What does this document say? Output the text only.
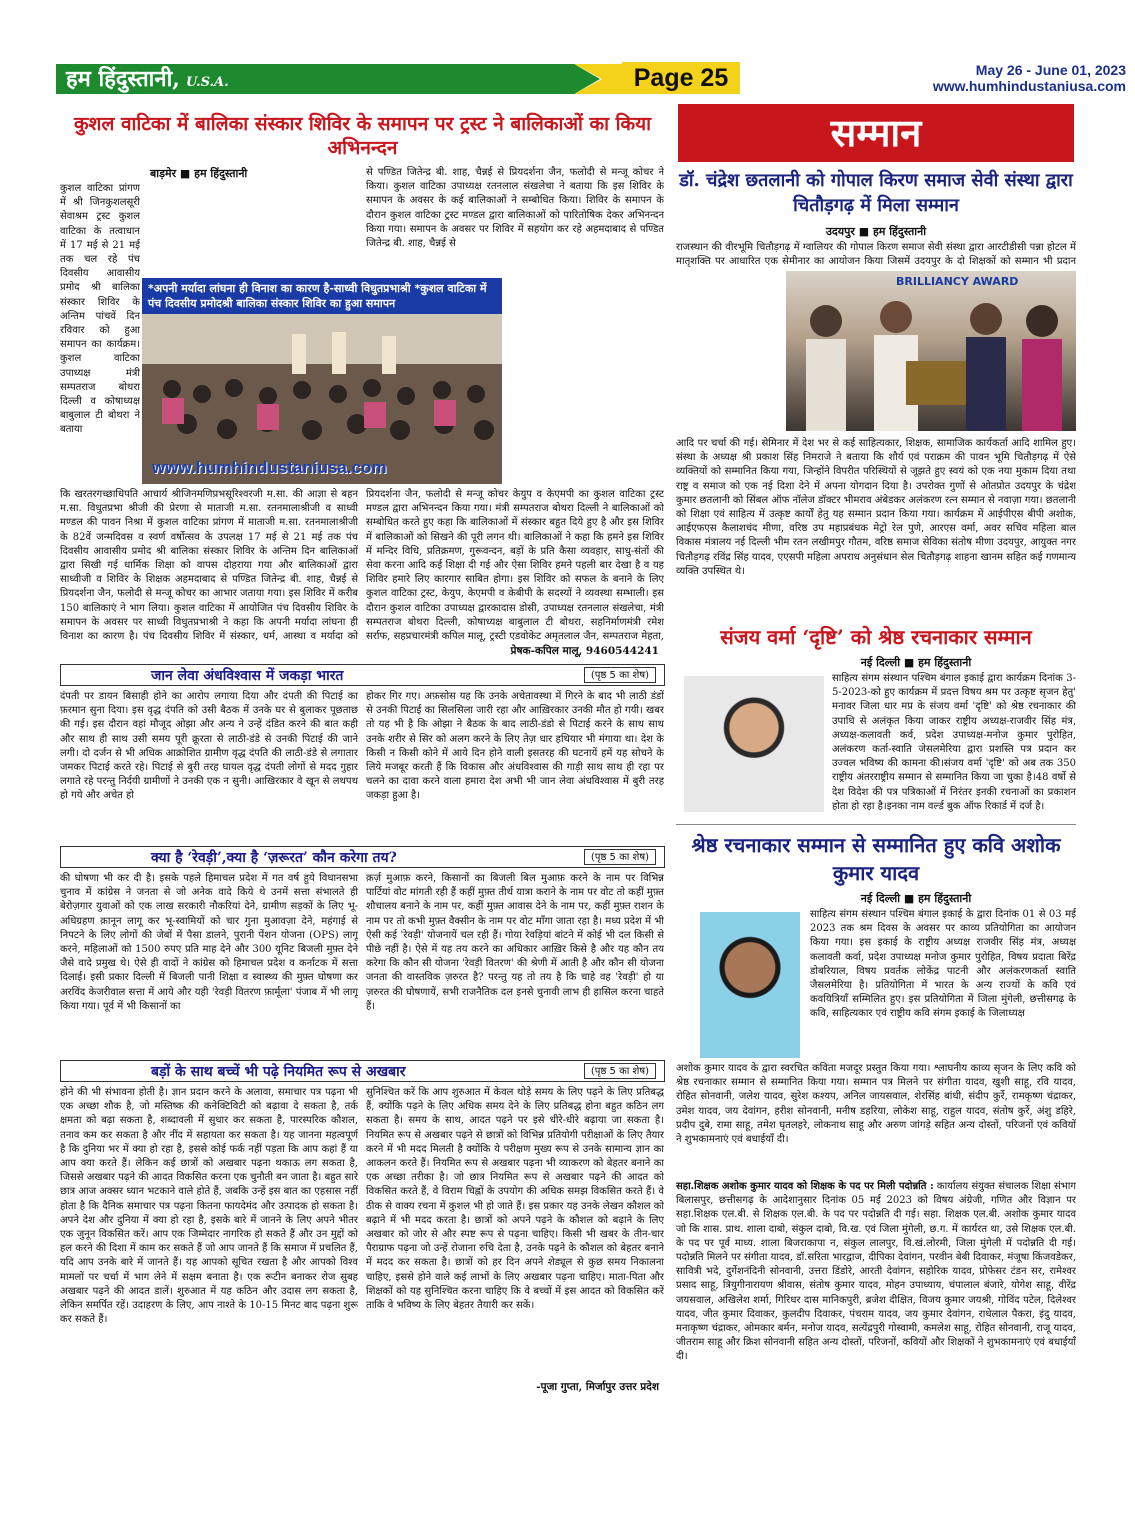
हम हिंदुस्तानी, U.S.A.	Page 25	May 26 - June 01, 2023
www.humhindustaniusa.com
कुशल वाटिका में बालिका संस्कार शिविर के समापन पर ट्रस्ट ने बालिकाओं का किया अभिनन्दन
बाड़मेर ■ हम हिंदुस्तानी
कुशल वाटिका प्रांगण में श्री जिनकुशलसूरी सेवाश्रम ट्रस्ट कुशल वाटिका के तत्वाधान में 17 मई से 21 मई तक चल रहे पंच दिवसीय आवासीय प्रमोद श्री बालिका संस्कार शिविर के अन्तिम पांचवें दिन रविवार को हुआ समापन का कार्यक्रम। कुशल वाटिका उपाध्यक्ष मंत्री सम्पतराज बोथरा दिल्ली व कोषाध्यक्ष बाबुलाल टी बोथरा ने बताया
*अपनी मर्यादा लांघना ही विनाश का कारण है-साध्वी विधुतप्रभाश्री *कुशल वाटिका में पंच दिवसीय प्रमोदश्री बालिका संस्कार शिविर का हुआ समापन
www.humhindustaniusa.com
कि खरतरगच्छाधिपति आचार्य श्रीजिनमणिप्रभसूरिश्वरजी म.सा. की आज्ञा से बहन म.सा. विधुतप्रभा श्रीजी की प्रेरणा से माताजी म.सा. रतनमालाश्रीजी व साध्वी मण्डल की पावन निश्रा में कुशल वाटिका प्रांगण में माताजी म.सा. रतनमालाश्रीजी के 82वें जन्मदिवस व स्वर्ण वर्षोत्सव के उपलक्ष 17 मई से 21 मई तक पंच दिवसीय आवासीय प्रमोद श्री बालिका संस्कार शिविर के अन्तिम दिन बालिकाओं द्वारा सिखी गई धार्मिक शिक्षा को वापस दोहराया गया और बालिकाओं द्वारा साध्वीजी व शिविर के शिक्षक अहमदाबाद से पण्डित जितेन्द्र बी. शाह, चैन्नई से प्रियदर्शना जैन, फलोदी से मन्जू कोचर का आभार जताया गया। इस शिविर में करीब 150 बालिकाएं ने भाग लिया। कुशल वाटिका में आयोजित पंच दिवसीय शिविर के समापन के अवसर पर साध्वी विधुतप्रभाश्री ने कहा कि अपनी मर्यादा लांघना ही विनाश का कारण है। पंच दिवसीय शिविर में संस्कार, धर्म, आस्था व मर्यादा को
से पण्डित जितेन्द्र बी. शाह, चैन्नई से प्रियदर्शना जैन, फलोदी से मन्जू कोचर ने किया। कुशल वाटिका उपाध्यक्ष रतनलाल संखलेचा ने बताया कि इस शिविर के समापन के अवसर के कई बालिकाओं ने सम्बोधित किया। शिविर के समापन के दौरान कुशल वाटिका ट्रस्ट मण्डल द्वारा बालिकाओं को पारितोषिक देकर अभिनन्दन किया गया। समापन के अवसर पर शिविर में सहयोग कर रहे अहमदाबाद से पण्डित जितेन्द्र बी. शाह, चैन्नई से
प्रियदर्शना जैन, फलोदी से मन्जू कोचर केयुप व केएमपी का कुशल वाटिका ट्रस्ट मण्डल द्वारा अभिनन्दन किया गया। मंत्री सम्पतराज बोथरा दिल्ली ने बालिकाओं को सम्बोधित करते हुए कहा कि बालिकाओं में संस्कार बहुत दिये हुए है और इस शिविर में बालिकाओं को सिखने की पूरी लगन थी। बालिकाओं ने कहा कि हमने इस शिविर में मन्दिर विधि, प्रतिक्रमण, गुरूवन्दन, बड़ों के प्रति कैसा व्यवहार, साधु-संतों की सेवा करना आदि कई शिक्षा दी गई और ऐसा शिविर हमने पहली बार देखा है व यह शिविर हमारे लिए कारगार साबित होगा। इस शिविर को सफल के बनाने के लिए कुशल वाटिका ट्रस्ट, केयुप, केएमपी व केबीपी के सदस्यों ने व्यवस्था सम्भाली। इस दौरान कुशल वाटिका उपाध्यक्ष द्वारकादास डोसी, उपाध्यक्ष रतनलाल संखलेचा, मंत्री सम्पतराज बोथरा दिल्ली, कोषाध्यक्ष बाबुलाल टी बोथरा, सहनिर्माणमंत्री रमेश सर्राफ, सहप्रचारमंत्री कपिल मालू, ट्रस्टी एडवोकेट अमृतलाल जैन, सम्पतराज मेहता,
प्रेषक-कपिल मालू, 9460544241
जान लेवा अंधविश्वास में जकड़ा भारत	(पृष्ठ 5 का शेष)
दंपती पर डायन बिसाही होने का आरोप लगाया दिया और दंपती की पिटाई का फ़रमान सुना दिया। इस वृद्ध दंपति को उसी बैठक में उनके घर से बुलाकर पूछताछ की गई। इस दौरान वहां मौजूद ओझा और अन्य ने उन्हें दंडित करने की बात कही और साथ ही साथ उसी समय पूरी क्रूरता से लाठी-डंडे से उनकी पिटाई की जाने लगी। दो दर्जन से भी अधिक आक्रोशित ग्रामीण वृद्ध दंपति की लाठी-डंडे से लगातार जमकर पिटाई करते रहे। पिटाई से बुरी तरह घायल वृद्ध दंपती लोगों से मदद गुहार लगाते रहे परन्तु निर्दयी ग्रामीणों ने उनकी एक न सुनी। आखिरकार वे खून से लथपथ हो गये और अचेत हो
होकर गिर गए। अफ़सोस यह कि उनके अचेतावस्था में गिरने के बाद भी लाठी डंडों से उनकी पिटाई का सिलसिला जारी रहा और आख़िरकार उनकी मौत हो गयी। खबर तो यह भी है कि ओझा ने बैठक के बाद लाठी-डंडो से पिटाई करने के साथ साथ उनके शरीर से सिर को अलग करने के लिए तेज़ धार हथियार भी मंगाया था। देश के किसी न किसी कोने में आये दिन होने वाली इसतरह की घटनायें हमें यह सोचने के लिये मजबूर करती हैं कि विकास और अंधविश्वास की गाड़ी साथ साथ ही रहा पर चलने का दावा करने वाला हमारा देश अभी भी जान लेवा अंधविश्वास में बुरी तरह जकड़ा हुआ है।
क्या है ‘रेवड़ी’,क्या है ‘ज़रूरत’ कौन करेगा तय?	(पृष्ठ 5 का शेष)
की घोषणा भी कर दी है। इसके पहले हिमाचल प्रदेश में गत वर्ष हुये विधानसभा चुनाव में कांग्रेस ने जनता से जो अनेक वादे किये थे उनमें सत्ता संभालते ही बेरोज़गार युवाओं को एक लाख सरकारी नौकरियां देने, ग्रामीण सड़कों के लिए भू-अधिग्रहण क़ानून लागू कर भू-स्वामियों को चार गुना मुआवज़ा देने, महंगाई से निपटने के लिए लोगों की जेबों में पैसा डालने, पुरानी पेंशन योजना (OPS) लागू करने, महिलाओं को 1500 रुपए प्रति माह देने और 300 यूनिट बिजली मुफ़्त देने जैसे वादे प्रमुख थे। ऐसे ही वादों ने कांग्रेस को हिमाचल प्रदेश व कर्नाटक में सत्ता दिलाई। इसी प्रकार दिल्ली में बिजली पानी शिक्षा व स्वास्थ्य की मुफ़्त घोषणा कर अरविंद केजरीवाल सत्ता में आये और यही 'रेवड़ी वितरण फ़ार्मूला' पंजाब में भी लागू किया गया। पूर्व में भी किसानों का
क़र्ज़ मुआफ़ करने, किसानों का बिजली बिल मुआफ़ करने के नाम पर विभिन्न पार्टियां वोट मांगती रही हैं कहीं मुफ़्त तीर्थ यात्रा कराने के नाम पर वोट तो कहीं मुफ़्त शौचालय बनाने के नाम पर, कहीं मुफ़्त आवास देने के नाम पर, कहीं मुफ़्त राशन के नाम पर तो कभी मुफ़्त वैक्सीन के नाम पर वोट माँगा जाता रहा है। मध्य प्रदेश में भी ऐसी कई 'रेवड़ी' योजनायें चल रही हैं। गोया रेवड़ियां बांटने में कोई भी दल किसी से पीछे नहीं है। ऐसे में यह तय करने का अधिकार आख़िर किसे है और यह कौन तय करेगा कि कौन सी योजना 'रेवड़ी वितरण' की श्रेणी में आती है और कौन सी योजना जनता की वास्तविक ज़रुरत है? परन्तु यह तो तय है कि चाहे वह 'रेवड़ी' हो या ज़रुरत की घोषणायें, सभी राजनैतिक दल इनसे चुनावी लाभ ही हासिल करना चाहते हैं।
बड़ों के साथ बच्चें भी पढ़े नियमित रूप से अखबार	(पृष्ठ 5 का शेष)
होने की भी संभावना होती है। ज्ञान प्रदान करने के अलावा, समाचार पत्र पढ़ना भी एक अच्छा शौक है, जो मस्तिष्क की कनेक्टिविटी को बढ़ावा दे सकता है, तर्क क्षमता को बढ़ा सकता है, शब्दावली में सुधार कर सकता है, पारस्परिक कौशल, तनाव कम कर सकता है और नींद में सहायता कर सकता है। यह जानना महत्वपूर्ण है कि दुनिया भर में क्या हो रहा है, इससे कोई फर्क नहीं पड़ता कि आप कहां हैं या आप क्या करते हैं। लेकिन कई छात्रों को अखबार पढ़ना थकाऊ लग सकता है, जिससे अखबार पढ़ने की आदत विकसित करना एक चुनौती बन जाता है। बहुत सारे छात्र आज अक्सर ध्यान भटकाने वाले होते हैं, जबकि उन्हें इस बात का एहसास नहीं होता है कि दैनिक समाचार पत्र पढ़ना कितना फायदेमंद और उत्पादक हो सकता है। अपने देश और दुनिया में क्या हो रहा है, इसके बारे में जानने के लिए अपने भीतर एक जुनून विकसित करें। आप एक जिम्मेदार नागरिक हो सकते हैं और उन मुद्दों को हल करने की दिशा में काम कर सकते हैं जो आप जानते हैं कि समाज में प्रचलित हैं, यदि आप उनके बारे में जानते हैं। यह आपको सूचित रखता है और आपको विश्व मामलों पर चर्चा में भाग लेने में सक्षम बनाता है। एक रूटीन बनाकर रोज सुबह अखबार पढ़ने की आदत डालें। शुरुआत में यह कठिन और उदास लग सकता है, लेकिन समर्पित रहें। उदाहरण के लिए, आप नाश्ते के 10-15 मिनट बाद पढ़ना शुरू कर सकते हैं।
सुनिश्चित करें कि आप शुरुआत में केवल थोड़े समय के लिए पढ़ने के लिए प्रतिबद्ध हैं, क्योंकि पढ़ने के लिए अधिक समय देने के लिए प्रतिबद्ध होना बहुत कठिन लग सकता है। समय के साथ, आदत पढ़ने पर इसे धीरे-धीरे बढ़ाया जा सकता है। नियमित रूप से अखबार पढ़ने से छात्रों को विभिन्न प्रतियोगी परीक्षाओं के लिए तैयार करने में भी मदद मिलती है क्योंकि ये परीक्षण मुख्य रूप से उनके सामान्य ज्ञान का आकलन करते हैं। नियमित रूप से अखबार पढ़ना भी व्याकरण को बेहतर बनाने का एक अच्छा तरीका है। जो छात्र नियमित रूप से अखबार पढ़ने की आदत को विकसित करते हैं, वे विराम चिह्नों के उपयोग की अधिक समझ विकसित करते हैं। वे ठीक से वाक्य रचना में कुशल भी हो जाते हैं। इस प्रकार यह उनके लेखन कौशल को बढ़ाने में भी मदद करता है। छात्रों को अपने पढ़ने के कौशल को बढ़ाने के लिए अखबार को जोर से और स्पष्ट रूप से पढ़ना चाहिए। किसी भी खबर के तीन-चार पैराग्राफ पढ़ना जो उन्हें रोजाना रुचि देता है, उनके पढ़ने के कौशल को बेहतर बनाने में मदद कर सकता है। छात्रों को हर दिन अपने शेड्यूल से कुछ समय निकालना चाहिए, इससे होने वाले कई लाभों के लिए अखबार पढ़ना चाहिए। माता-पिता और शिक्षकों को यह सुनिश्चित करना चाहिए कि वे बच्चों में इस आदत को विकसित करें ताकि वे भविष्य के लिए बेहतर तैयारी कर सकें।
-पूजा गुप्ता, मिर्जापुर उत्तर प्रदेश
सम्मान
डॉ. चंद्रेश छतलानी को गोपाल किरण समाज सेवी संस्था द्वारा चितौड़गढ़ में मिला सम्मान
उदयपुर ■ हम हिंदुस्तानी
राजस्थान की वीरभूमि चितौड़गढ़ में ग्वालियर की गोपाल किरण समाज सेवी संस्था द्वारा आरटीडीसी पन्ना होटल में मातृशक्ति पर आधारित एक सेमीनार का आयोजन किया जिसमें उदयपुर के दो शिक्षकों को सम्मान भी प्रदान
BRILLIANCY AWARD
आदि पर चर्चा की गई। सेमिनार में देश भर से कई साहित्यकार, शिक्षक, सामाजिक कार्यकर्ता आदि शामिल हुए। संस्था के अध्यक्ष श्री प्रकाश सिंह निमराजे ने बताया कि शौर्य एवं पराक्रम की पावन भूमि चितौड़गढ़ में ऐसे व्यक्तियों को सम्मानित किया गया, जिन्होंने विपरीत परिस्थियों से जूझते हुए स्वयं को एक नया मुकाम दिया तथा राष्ट्र व समाज को एक नई दिशा देने में अपना योगदान दिया है। उपरोक्त गुणों से ओतप्रोत उदयपुर के चंद्रेश कुमार छतलानी को सिंबल ऑफ नॉलेज डॉक्टर भीमराव अंबेडकर अलंकरण रत्न सम्मान से नवाज़ा गया। छतलानी को शिक्षा एवं साहित्य में उत्कृष्ट कार्यों हेतु यह सम्मान प्रदान किया गया। कार्यक्रम में आईपीएस बीपी अशोक, आईएफएस कैलाशचंद मीणा, वरिष्ठ उप महाप्रबंधक मेट्रो रेल पुणे, आरएस वर्मा, अवर सचिव महिला बाल विकास मंत्रालय नई दिल्ली भीम रतन लखीमपुर गौतम, वरिष्ठ समाज सेविका संतोष मीणा उदयपुर, आयुक्त नगर चितौड़गढ़ रविंद्र सिंह यादव, एएसपी महिला अपराध अनुसंधान सेल चितौड़गढ़ शाहना खानम सहित कई गणमान्य व्यक्ति उपस्थित थे।
संजय वर्मा ‘दृष्टि’ को श्रेष्ठ रचनाकार सम्मान
नई दिल्ली ■ हम हिंदुस्तानी
साहित्य संगम संस्थान पश्चिम बंगाल इकाई द्वारा कार्यक्रम दिनांक 3-5-2023-को हुए कार्यक्रम में प्रदत्त विषय श्रम पर उत्कृष्ट सृजन हेतु' मनावर जिला धार मप्र के संजय वर्मा 'दृष्टि' को श्रेष्ठ रचनाकार की उपाधि से अलंकृत किया जाकर राष्ट्रीय अध्यक्ष-राजवीर सिंह मंत्र, अध्यक्ष-कलावती कर्व, प्रदेश उपाध्यक्ष-मनोज कुमार पुरोहित, अलंकरण कर्ता-स्वाति जेसलमेरिया द्वारा प्रशस्ति पत्र प्रदान कर उज्वल भविष्य की कामना की।संजय वर्मा 'दृष्टि' को अब तक 350 राष्ट्रीय अंतरराष्ट्रीय सम्मान से सम्मानित किया जा चुका है।48 वर्षो से देश विदेश की पत्र पत्रिकाओं में निरंतर इनकी रचनाओं का प्रकाशन होता हो रहा है।इनका नाम वर्ल्ड बुक ऑफ रिकार्ड में दर्ज है।
श्रेष्ठ रचनाकार सम्मान से सम्मानित हुए कवि अशोक कुमार यादव
नई दिल्ली ■ हम हिंदुस्तानी
साहित्य संगम संस्थान पश्चिम बंगाल इकाई के द्वारा दिनांक 01 से 03 मई 2023 तक श्रम दिवस के अवसर पर काव्य प्रतियोगिता का आयोजन किया गया। इस इकाई के राष्ट्रीय अध्यक्ष राजवीर सिंह मंत्र, अध्यक्ष कलावती कर्वा, प्रदेश उपाध्यक्ष मनोज कुमार पुरोहित, विषय प्रदाता बिरेंद्र डोबरियाल, विषय प्रवर्तक लोकेंद्र पाटनी और अलंकरणकर्ता स्वाति जैसलमेरिया है। प्रतियोगिता में भारत के अन्य राज्यों के कवि एवं कवयित्रियाँ सम्मिलित हुए। इस प्रतियोगिता में जिला मुंगेली, छत्तीसगढ़ के कवि, साहित्यकार एवं राष्ट्रीय कवि संगम इकाई के जिलाध्यक्ष
अशोक कुमार यादव के द्वारा स्वरचित कविता मजदूर प्रस्तुत किया गया। श्लाघनीय काव्य सृजन के लिए कवि को श्रेष्ठ रचनाकार सम्मान से सम्मानित किया गया। सम्मान पत्र मिलने पर संगीता यादव, खुशी साहू, रवि यादव, रोहित सोनवानी, जलेश यादव, सुरेश कश्यप, अनिल जायसवाल, शेरसिंह बांधी, संदीप कुर्रे, रामकृष्ण चंद्राकर, उमेश यादव, जय देवांगन, हरीश सोनवानी, मनीष डहरिया, लोकेश साहू, राहुल यादव, संतोष कुर्रे, अंशु डहिरे, प्रदीप दुबे, रामा साहू, तमेश घृतलहरे, लोकनाथ साहू और अरुण जांगड़े सहित अन्य दोस्तों, परिजनों एवं कवियों ने शुभकामनाएं एवं बधाईयाँ दी।
सहा.शिक्षक अशोक कुमार यादव को शिक्षक के पद पर मिली पदोन्नति : कार्यालय संयुक्त संचालक शिक्षा संभाग बिलासपुर, छत्तीसगढ़ के आदेशानुसार दिनांक 05 मई 2023 को विषय अंग्रेजी, गणित और विज्ञान पर सहा.शिक्षक एल.बी. से शिक्षक एल.बी. के पद पर पदोन्नति दी गई। सहा. शिक्षक एल.बी. अशोक कुमार यादव जो कि शास. प्राथ. शाला दाबो, संकुल दाबो, वि.ख. एवं जिला मुंगेली, छ.ग. में कार्यरत था, उसे शिक्षक एल.बी. के पद पर पूर्व माध्य. शाला बिजराकापा न, संकुल लालपुर, वि.खं.लोरमी, जिला मुंगेली में पदोन्नति दी गई। पदोन्नति मिलने पर संगीता यादव, डॉ.सरिता भारद्वाज, दीपिका देवांगन, परवीन बेबी दिवाकर, मंजूषा किंजवडेकर, सावित्री भदे, दुर्गेशनंदिनी सोनवानी, उत्तरा डिंडोरे, आरती देवांगन, सहोरिक यादव, प्रोफेसर टंडन सर, रामेश्वर प्रसाद साहू, त्रियुगीनारायण श्रीवास, संतोष कुमार यादव, मोहन उपाध्याय, चंपालाल बंजारे, योगेश साहू, वीरेंद्र जयसवाल, अखिलेश शर्मा, गिरिधर दास मानिकपुरी, ब्रजेश दीक्षित, विजय कुमार जयश्री, गोविंद पटेल, दिलेश्वर यादव, जीत कुमार दिवाकर, कुलदीप दिवाकर, पंचराम यादव, जय कुमार देवांगन, राधेलाल पैकरा, इंदु यादव, मनाकृष्ण चंद्राकर, ओमकार बर्मन, मनोज यादव, सत्येंद्रपुरी गोस्वामी, कमलेश साहू, रोहित सोनवानी, राजू यादव, जीतराम साहू और क्रिश सोनवानी सहित अन्य दोस्तों, परिजनों, कवियों और शिक्षकों ने शुभकामनाएं एवं बधाईयाँ दी।
